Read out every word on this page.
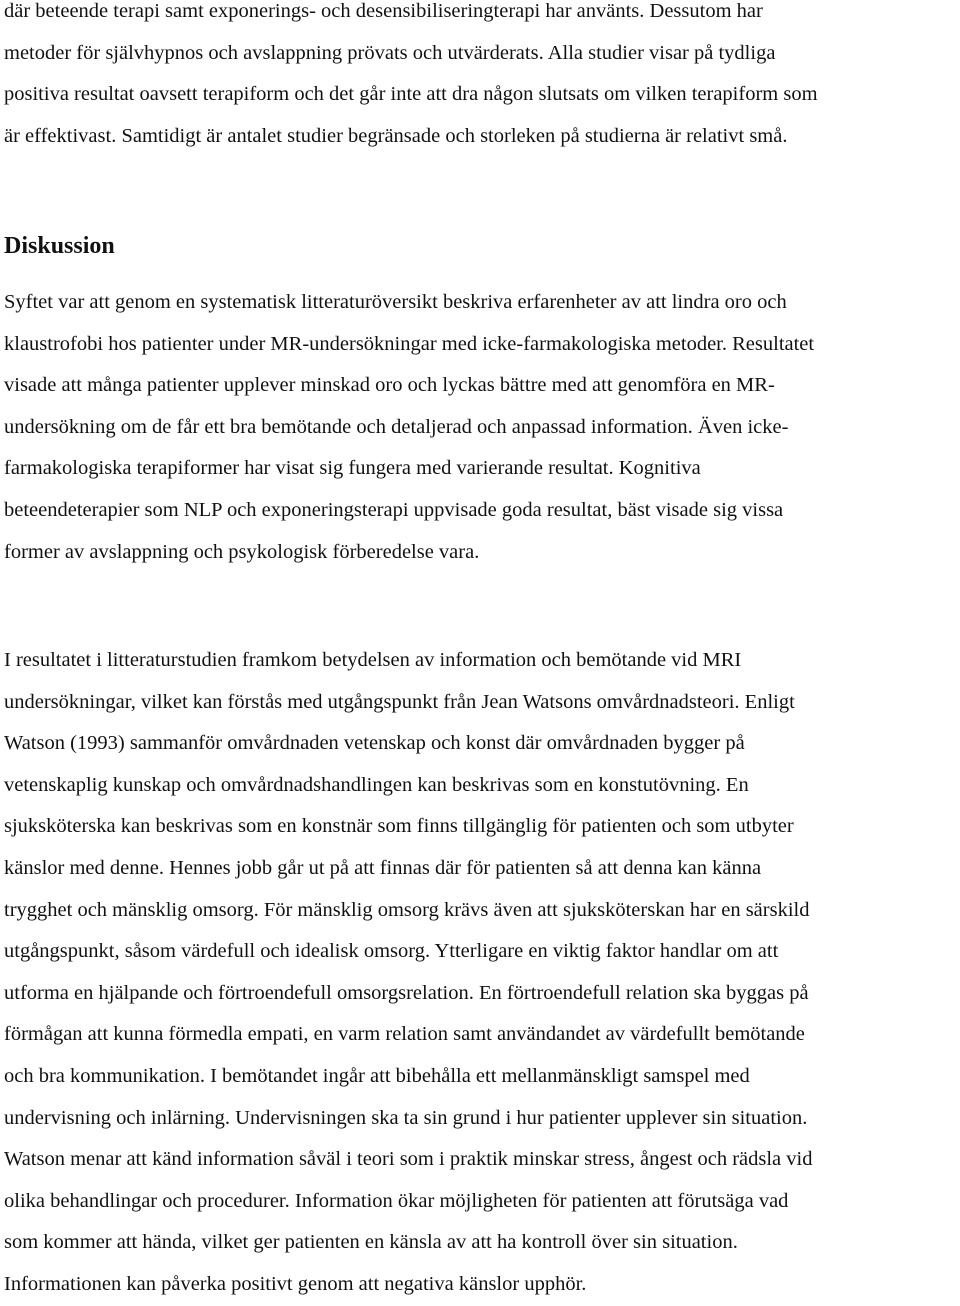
där beteende terapi samt exponerings- och desensibiliseringterapi har använts. Dessutom har
metoder för självhypnos och avslappning prövats och utvärderats. Alla studier visar på tydliga
positiva resultat oavsett terapiform och det går inte att dra någon slutsats om vilken terapiform som
är effektivast. Samtidigt är antalet studier begränsade och storleken på studierna är relativt små.
Diskussion
Syftet var att genom en systematisk litteraturöversikt beskriva erfarenheter av att lindra oro och
klaustrofobi hos patienter under MR-undersökningar med icke-farmakologiska metoder. Resultatet
visade att många patienter upplever minskad oro och lyckas bättre med att genomföra en MR-
undersökning om de får ett bra bemötande och detaljerad och anpassad information. Även icke-
farmakologiska terapiformer har visat sig fungera med varierande resultat. Kognitiva
beteendeterapier som NLP och exponeringsterapi uppvisade goda resultat, bäst visade sig vissa
former av avslappning och psykologisk förberedelse vara.
I resultatet i litteraturstudien framkom betydelsen av information och bemötande vid MRI
undersökningar, vilket kan förstås med utgångspunkt från Jean Watsons omvårdnadsteori. Enligt
Watson (1993) sammanför omvårdnaden vetenskap och konst där omvårdnaden bygger på
vetenskaplig kunskap och omvårdnadshandlingen kan beskrivas som en konstutövning. En
sjuksköterska kan beskrivas som en konstnär som finns tillgänglig för patienten och som utbyter
känslor med denne. Hennes jobb går ut på att finnas där för patienten så att denna kan känna
trygghet och mänsklig omsorg. För mänsklig omsorg krävs även att sjuksköterskan har en särskild
utgångspunkt, såsom värdefull och idealisk omsorg. Ytterligare en viktig faktor handlar om att
utforma en hjälpande och förtroendefull omsorgsrelation. En förtroendefull relation ska byggas på
förmågan att kunna förmedla empati, en varm relation samt användandet av värdefullt bemötande
och bra kommunikation. I bemötandet ingår att bibehålla ett mellanmänskligt samspel med
undervisning och inlärning. Undervisningen ska ta sin grund i hur patienter upplever sin situation.
Watson menar att känd information såväl i teori som i praktik minskar stress, ångest och rädsla vid
olika behandlingar och procedurer. Information ökar möjligheten för patienten att förutsäga vad
som kommer att hända, vilket ger patienten en känsla av att ha kontroll över sin situation.
Informationen kan påverka positivt genom att negativa känslor upphör.
